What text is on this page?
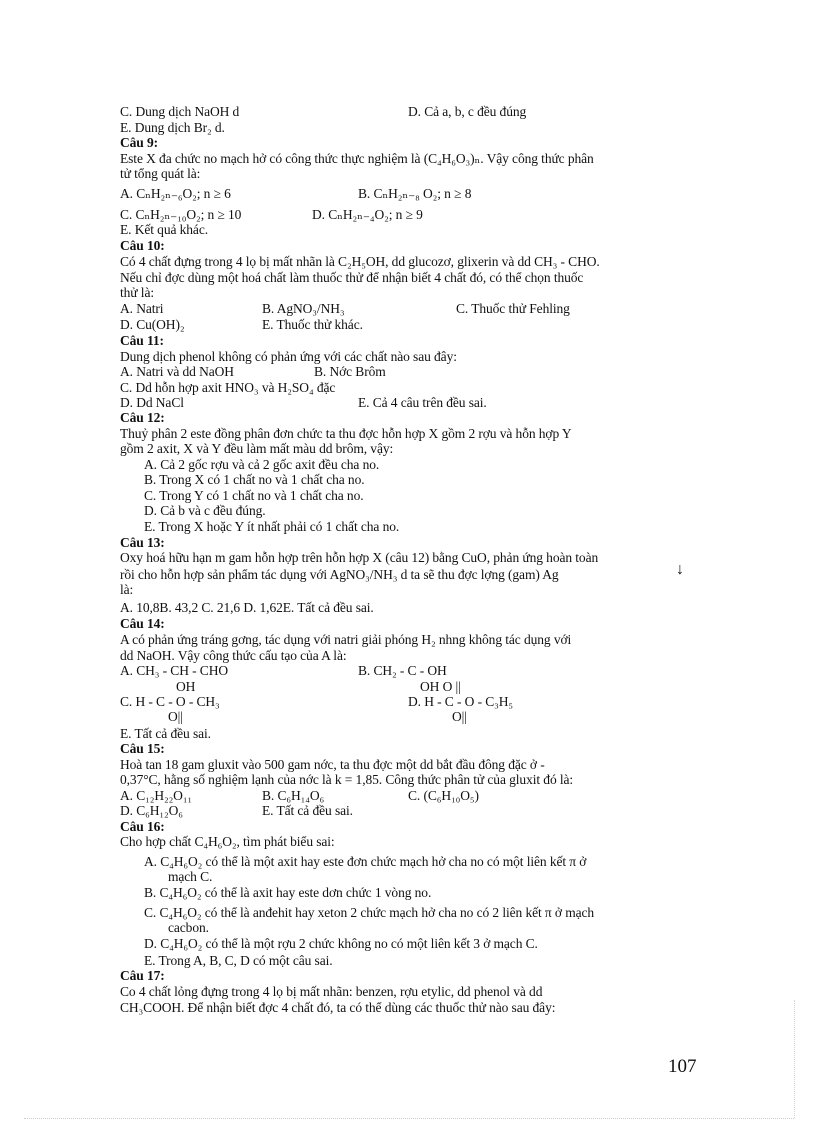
C. Dung dịch NaOH d	D. Cả a, b, c đều đúng
E. Dung dịch Br₂ d.
Câu 9:
Este X đa chức no mạch hở có công thức thực nghiệm là (C₄H₆O₃)ₙ. Vậy công thức phân
tử tổng quát là:
A. CₙH₂ₙ₋₆O₂; n ≥ 6	B. CₙH₂ₙ₋₈ O₂; n ≥ 8
C. CₙH₂ₙ₋₁₀O₂; n ≥ 10	D. CₙH₂ₙ₋₄O₂; n ≥ 9
E. Kết quả khác.
Câu 10:
Có 4 chất đựng trong 4 lọ bị mất nhãn là C₂H₅OH, dd glucozơ, glixerin và dd CH₃ - CHO.
Nếu chỉ đợc dùng một hoá chất làm thuốc thử để nhận biết 4 chất đó, có thể chọn thuốc
thử là:
A. Natri	B. AgNO₃/NH₃	C. Thuốc thử Fehling
D. Cu(OH)₂	E. Thuốc thử khác.
Câu 11:
Dung dịch phenol không có phản ứng với các chất nào sau đây:
A. Natri và dd NaOH	B. Nớc Brôm
C. Dd hỗn hợp axit HNO₃ và H₂SO₄ đặc
D. Dd NaCl	E. Cả 4 câu trên đều sai.
Câu 12:
Thuỷ phân 2 este đồng phân đơn chức ta thu đợc hỗn hợp X gồm 2 rợu và hỗn hợp Y
gồm 2 axit, X và Y đều làm mất màu dd brôm, vậy:
A. Cả 2 gốc rợu và cả 2 gốc axit đều cha no.
B. Trong X có 1 chất no và 1 chất cha no.
C. Trong Y có 1 chất no và 1 chất cha no.
D. Cả b và c đều đúng.
E. Trong X hoặc Y ít nhất phải có 1 chất cha no.
Câu 13:
Oxy hoá hữu hạn m gam hỗn hợp trên hỗn hợp X (câu 12) bằng CuO, phản ứng hoàn toàn
rồi cho hỗn hợp sản phẩm tác dụng với AgNO₃/NH₃ d ta sẽ thu đợc lợng (gam) Ag	↓
là:
A. 10,8B. 43,2 C. 21,6 D. 1,62E. Tất cả đều sai.
Câu 14:
A có phản ứng tráng gơng, tác dụng với natri giải phóng H₂ nhng không tác dụng với
dd NaOH. Vậy công thức cấu tạo của A là:
A. CH₃ - CH - CHO	B. CH₂ - C - OH
OH	OH O ||
C. H - C - O - CH₃	D. H - C - O - C₃H₅
O||	O||
E. Tất cả đều sai.
Câu 15:
Hoà tan 18 gam gluxit vào 500 gam nớc, ta thu đợc một dd bắt đầu đông đặc ở -
0,37°C, hằng số nghiệm lạnh của nớc là k = 1,85. Công thức phân tử của gluxit đó là:
A. C₁₂H₂₂O₁₁	B. C₆H₁₄O₆	C. (C₆H₁₀O₅)
D. C₆H₁₂O₆	E. Tất cả đều sai.
Câu 16:
Cho hợp chất C₄H₆O₂, tìm phát biểu sai:
A. C₄H₆O₂ có thể là một axit hay este đơn chức mạch hở cha no có một liên kết π ở
mạch C.
B. C₄H₆O₂ có thể là axit hay este dơn chức 1 vòng no.
C. C₄H₆O₂ có thể là anđehit hay xeton 2 chức mạch hở cha no có 2 liên kết π ở mạch
cacbon.
D. C₄H₆O₂ có thể là một rợu 2 chức không no có một liên kết 3 ở mạch C.
E. Trong A, B, C, D có một câu sai.
Câu 17:
Co 4 chất lỏng đựng trong 4 lọ bị mất nhãn: benzen, rợu etylic, dd phenol và dd
CH₃COOH. Để nhận biết đợc 4 chất đó, ta có thể dùng các thuốc thử nào sau đây:
107
